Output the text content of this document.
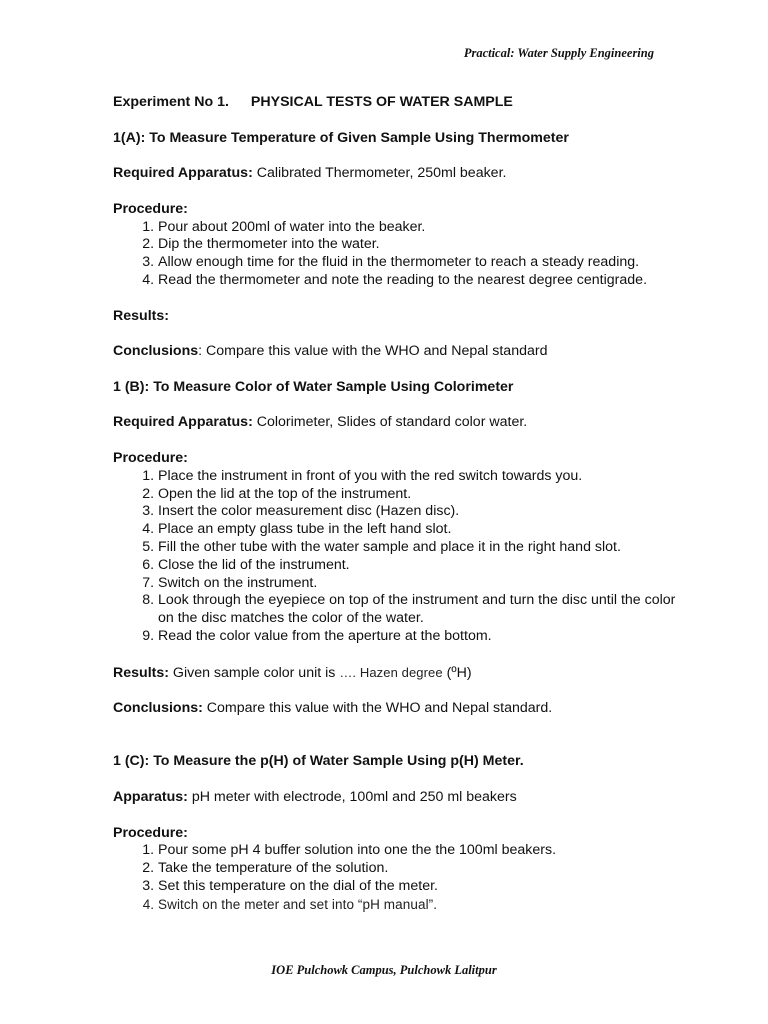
Practical: Water Supply Engineering
Experiment No 1. PHYSICAL TESTS OF WATER SAMPLE
1(A): To Measure Temperature of Given Sample Using Thermometer
Required Apparatus: Calibrated Thermometer, 250ml beaker.
Procedure:
1. Pour about 200ml of water into the beaker.
2. Dip the thermometer into the water.
3. Allow enough time for the fluid in the thermometer to reach a steady reading.
4. Read the thermometer and note the reading to the nearest degree centigrade.
Results:
Conclusions: Compare this value with the WHO and Nepal standard
1 (B): To Measure Color of Water Sample Using Colorimeter
Required Apparatus: Colorimeter, Slides of standard color water.
Procedure:
1. Place the instrument in front of you with the red switch towards you.
2. Open the lid at the top of the instrument.
3. Insert the color measurement disc (Hazen disc).
4. Place an empty glass tube in the left hand slot.
5. Fill the other tube with the water sample and place it in the right hand slot.
6. Close the lid of the instrument.
7. Switch on the instrument.
8. Look through the eyepiece on top of the instrument and turn the disc until the color on the disc matches the color of the water.
9. Read the color value from the aperture at the bottom.
Results: Given sample color unit is …. Hazen degree (ºH)
Conclusions: Compare this value with the WHO and Nepal standard.
1 (C): To Measure the p(H) of Water Sample Using p(H) Meter.
Apparatus: pH meter with electrode, 100ml and 250 ml beakers
Procedure:
1. Pour some pH 4 buffer solution into one the the 100ml beakers.
2. Take the temperature of the solution.
3. Set this temperature on the dial of the meter.
4. Switch on the meter and set into “pH manual”.
IOE Pulchowk Campus, Pulchowk Lalitpur
